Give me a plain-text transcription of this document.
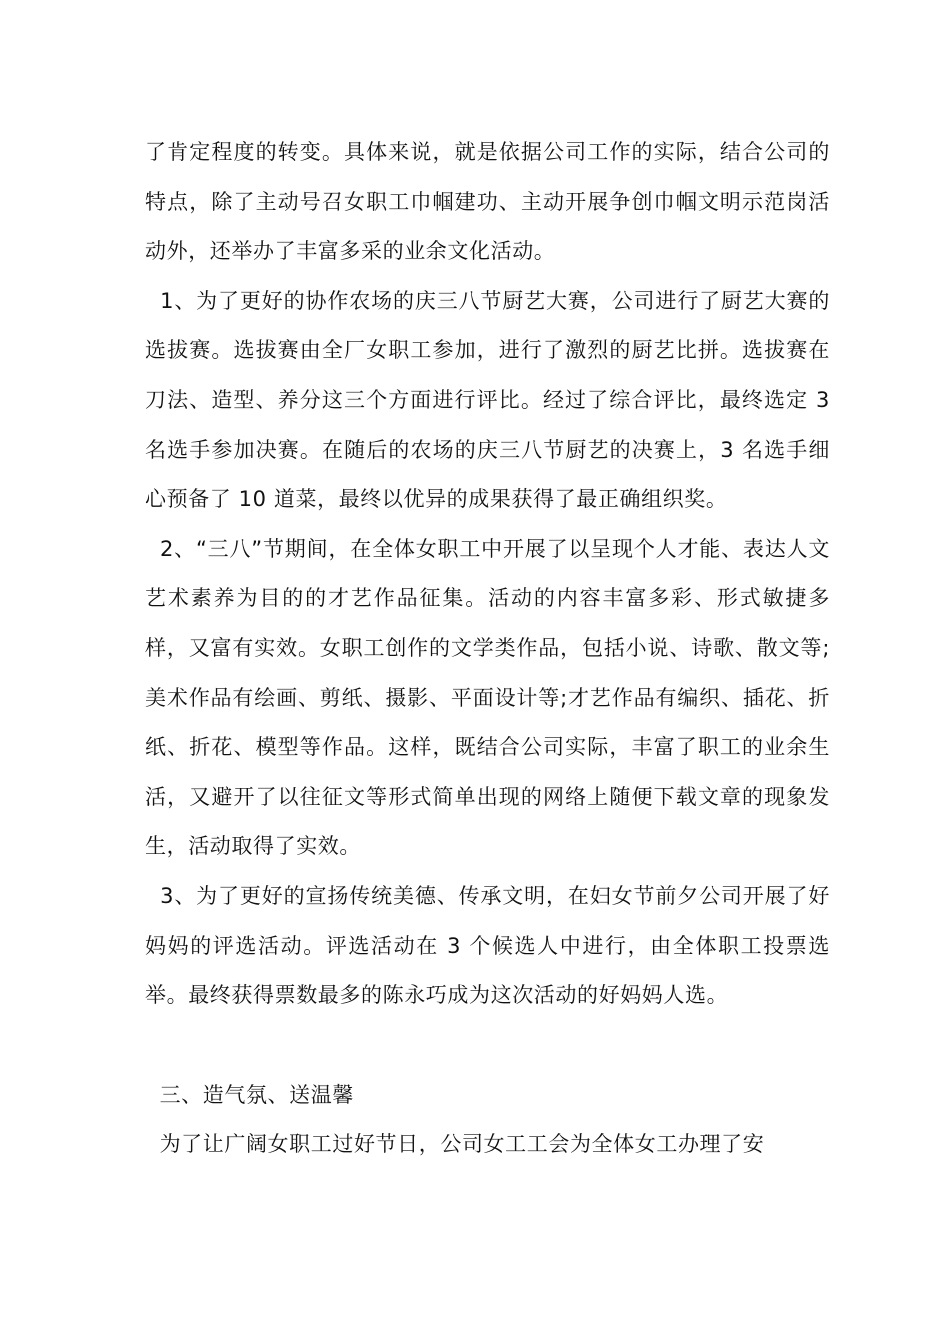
了肯定程度的转变。具体来说，就是依据公司工作的实际，结合公司的特点，除了主动号召女职工巾帼建功、主动开展争创巾帼文明示范岗活动外，还举办了丰富多采的业余文化活动。

1、为了更好的协作农场的庆三八节厨艺大赛，公司进行了厨艺大赛的选拔赛。选拔赛由全厂女职工参加，进行了激烈的厨艺比拼。选拔赛在刀法、造型、养分这三个方面进行评比。经过了综合评比，最终选定 3 名选手参加决赛。在随后的农场的庆三八节厨艺的决赛上，3 名选手细心预备了 10 道菜，最终以优异的成果获得了最正确组织奖。

2、“三八”节期间，在全体女职工中开展了以呈现个人才能、表达人文艺术素养为目的的才艺作品征集。活动的内容丰富多彩、形式敏捷多样，又富有实效。女职工创作的文学类作品，包括小说、诗歌、散文等;美术作品有绘画、剪纸、摄影、平面设计等;才艺作品有编织、插花、折纸、折花、模型等作品。这样，既结合公司实际，丰富了职工的业余生活，又避开了以往征文等形式简单出现的网络上随便下载文章的现象发生，活动取得了实效。

3、为了更好的宣扬传统美德、传承文明，在妇女节前夕公司开展了好妈妈的评选活动。评选活动在 3 个候选人中进行，由全体职工投票选举。最终获得票数最多的陈永巧成为这次活动的好妈妈人选。

三、造气氛、送温馨

为了让广阔女职工过好节日，公司女工工会为全体女工办理了安
